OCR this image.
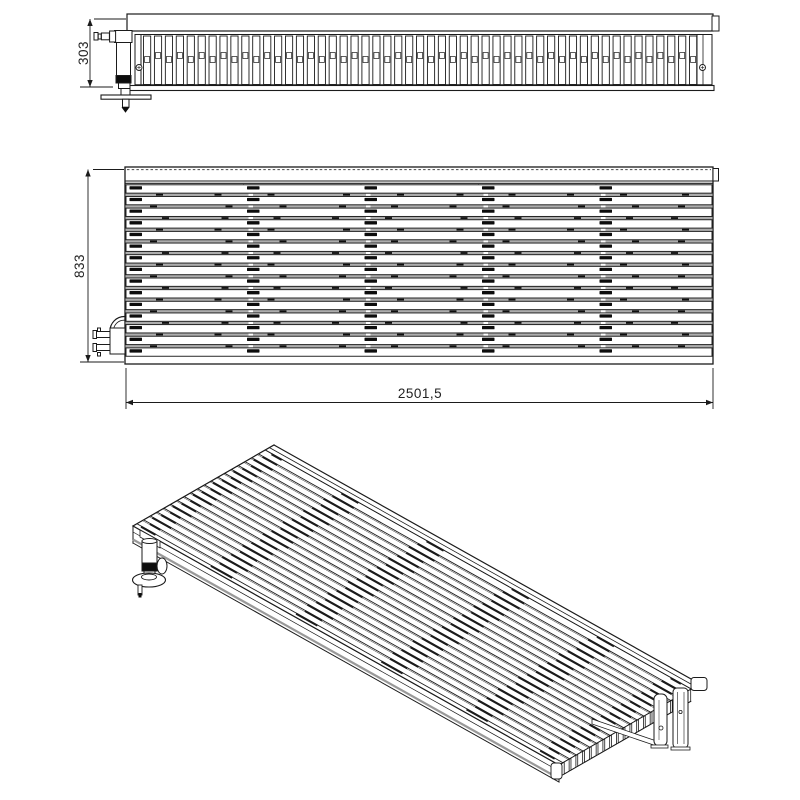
303
833
2501,5
